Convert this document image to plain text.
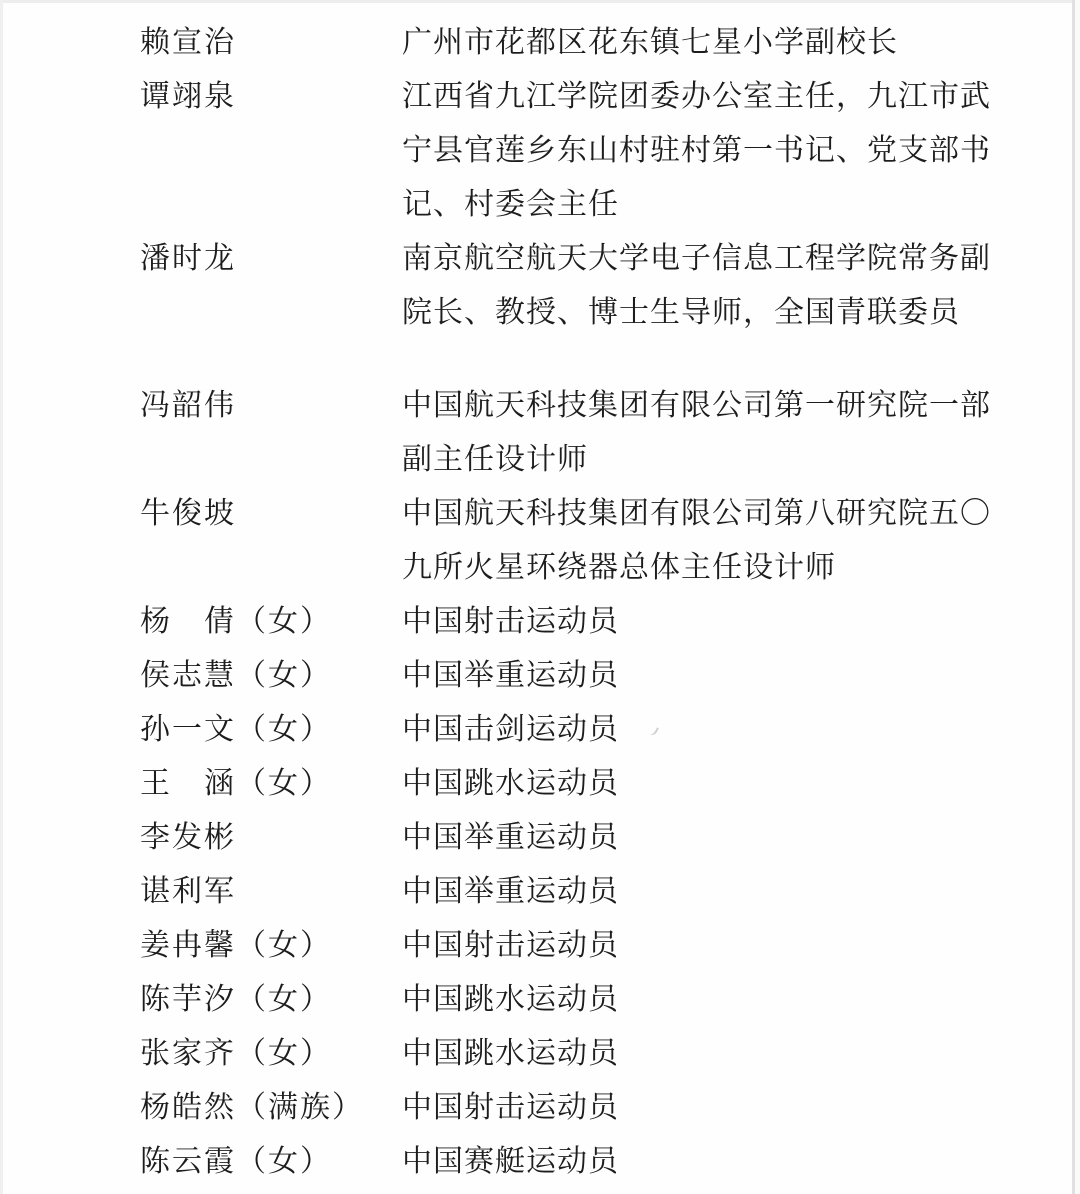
赖宣治	广州市花都区花东镇七星小学副校长
谭翊泉	江西省九江学院团委办公室主任，九江市武
宁县官莲乡东山村驻村第一书记、党支部书
记、村委会主任
潘时龙	南京航空航天大学电子信息工程学院常务副
院长、教授、博士生导师，全国青联委员
冯韶伟	中国航天科技集团有限公司第一研究院一部
副主任设计师
牛俊坡	中国航天科技集团有限公司第八研究院五〇
九所火星环绕器总体主任设计师
杨　倩（女）	中国射击运动员
侯志慧（女）	中国举重运动员
孙一文（女）	中国击剑运动员
王　涵（女）	中国跳水运动员
李发彬	中国举重运动员
谌利军	中国举重运动员
姜冉馨（女）	中国射击运动员
陈芋汐（女）	中国跳水运动员
张家齐（女）	中国跳水运动员
杨皓然（满族）	中国射击运动员
陈云霞（女）	中国赛艇运动员
